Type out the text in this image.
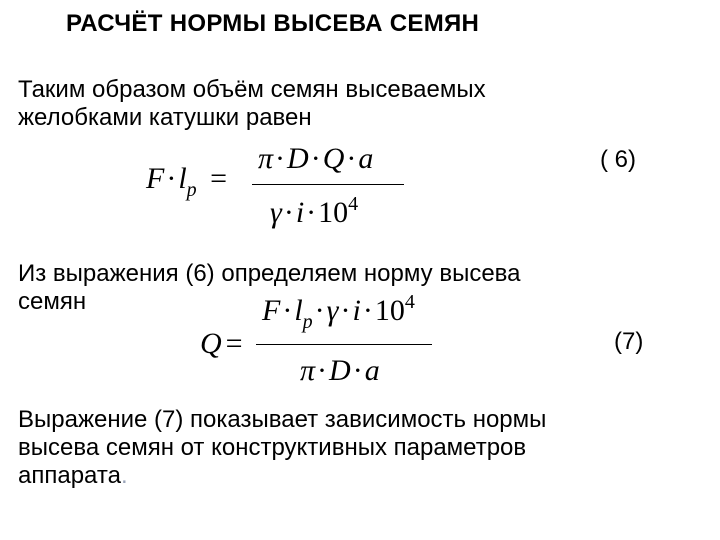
РАСЧЁТ НОРМЫ ВЫСЕВА СЕМЯН
Таким образом объём семян высеваемых
желобками катушки равен
( 6)
$F\cdot l_p$ =
π·D·Q·a
$\gamma\cdot i\cdot 10^4$
Из выражения (6) определяем норму высева
семян
(7)
Q =
$F\cdot l_p\cdot\gamma\cdot i\cdot 10^4$
π·D·a
Выражение (7) показывает зависимость нормы
высева семян от конструктивных параметров
аппарата.
